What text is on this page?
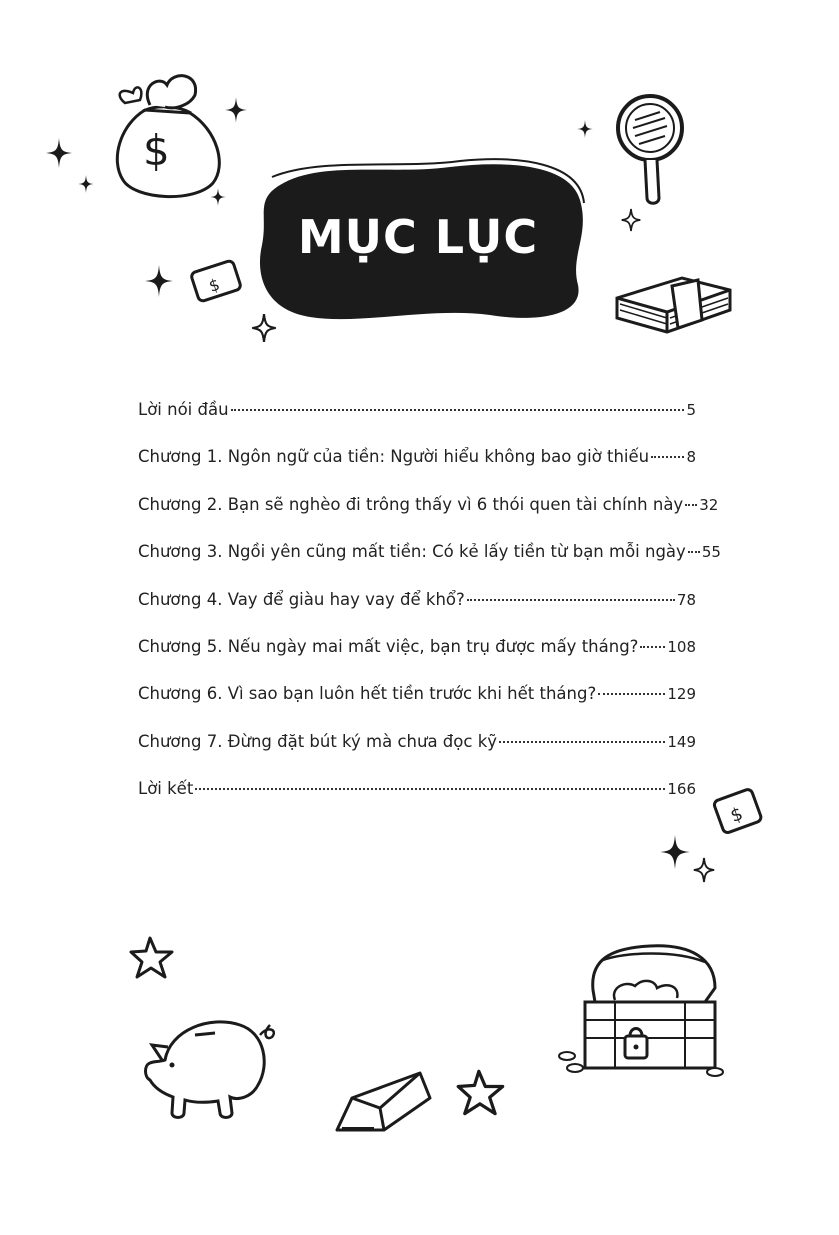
MỤC LỤC
$
$
$
Lời nói đầu	5
Chương 1. Ngôn ngữ của tiền: Người hiểu không bao giờ thiếu 8
Chương 2. Bạn sẽ nghèo đi trông thấy vì 6 thói quen tài chính này 32
Chương 3. Ngồi yên cũng mất tiền: Có kẻ lấy tiền từ bạn mỗi ngày 55
Chương 4. Vay để giàu hay vay để khổ?	78
Chương 5. Nếu ngày mai mất việc, bạn trụ được mấy tháng? 108
Chương 6. Vì sao bạn luôn hết tiền trước khi hết tháng?	129
Chương 7. Đừng đặt bút ký mà chưa đọc kỹ	149
Lời kết	166
